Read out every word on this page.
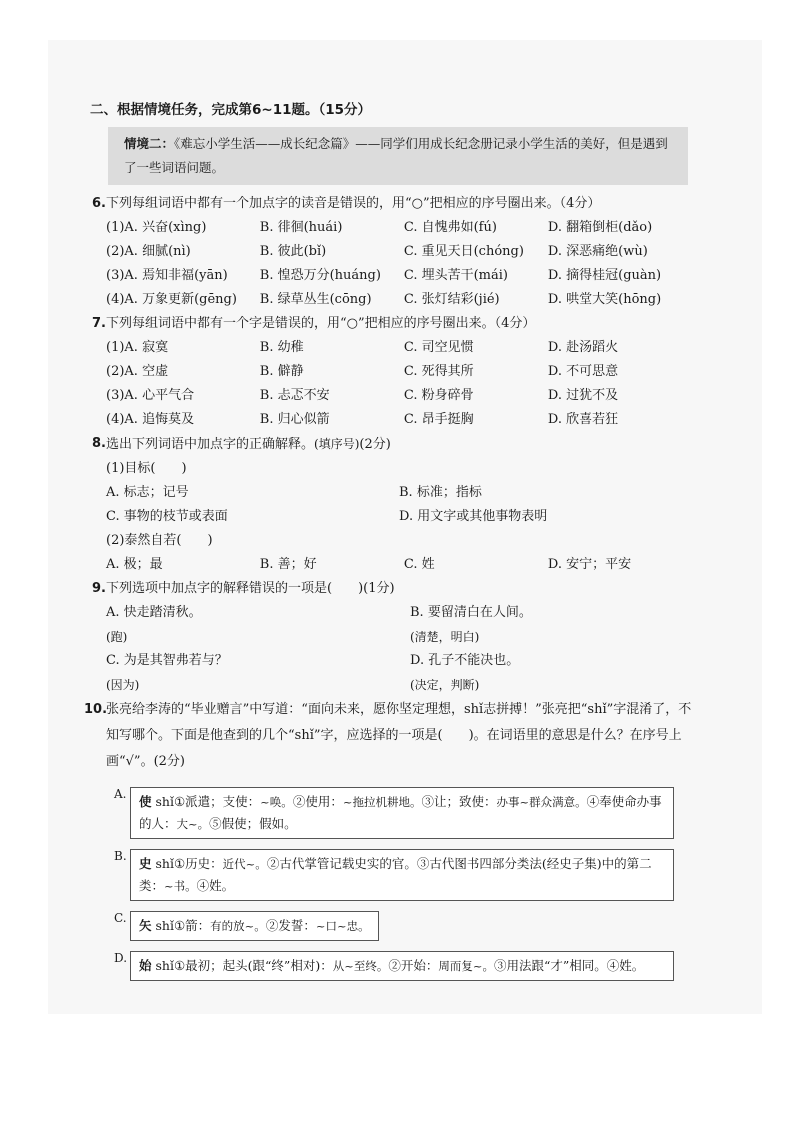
二、根据情境任务，完成第6~11题。（15分）
情境二：《难忘小学生活——成长纪念篇》——同学们用成长纪念册记录小学生活的美好，但是遇到了一些词语问题。
6. 下列每组词语中都有一个加点字的读音是错误的，用“○”把相应的序号圈出来。（4分）
(1)A. 兴奋(xìng)	B. 徘徊(huái)	C. 自愧弗如(fú)	D. 翻箱倒柜(dǎo)
(2)A. 细腻(nì)	B. 彼此(bǐ)	C. 重见天日(chóng)	D. 深恶痛绝(wù)
(3)A. 焉知非福(yān)	B. 惶恐万分(huáng)	C. 埋头苦干(mái)	D. 摘得桂冠(guàn)
(4)A. 万象更新(gēng)	B. 绿草丛生(cōng)	C. 张灯结彩(jié)	D. 哄堂大笑(hōng)
7. 下列每组词语中都有一个字是错误的，用“○”把相应的序号圈出来。（4分）
(1)A. 寂寞	B. 幼稚	C. 司空见惯	D. 赴汤蹈火
(2)A. 空虚	B. 僻静	C. 死得其所	D. 不可思意
(3)A. 心平气合	B. 忐忑不安	C. 粉身碎骨	D. 过犹不及
(4)A. 追悔莫及	B. 归心似箭	C. 昂手挺胸	D. 欣喜若狂
8. 选出下列词语中加点字的正确解释。(填序号)(2分)
(1)目标(　　)
A. 标志；记号	B. 标准；指标
C. 事物的枝节或表面	D. 用文字或其他事物表明
(2)泰然自若(　　)
A. 极；最	B. 善；好	C. 姓	D. 安宁；平安
9. 下列选项中加点字的解释错误的一项是(　　)(1分)
A. 快走踏清秋。
(跑)
B. 要留清白在人间。
(清楚，明白)
C. 为是其智弗若与？
(因为)
D. 孔子不能决也。
(决定，判断)
10.
张亮给李涛的“毕业赠言”中写道：“面向未来，愿你坚定理想，shǐ志拼搏！”张亮把“shǐ”字混淆了，不知写哪个。下面是他查到的几个“shǐ”字，应选择的一项是(　　)。在词语里的意思是什么？在序号上画“√”。(2分)
A.	使 shǐ①派遣；支使：~唤。②使用：~拖拉机耕地。③让；致使：办事~群众满意。④奉使命办事的人：大~。⑤假使；假如。
B. 史 shǐ①历史：近代~。②古代掌管记载史实的官。③古代图书四部分类法(经史子集)中的第二类：~书。④姓。
C. 矢 shǐ①箭：有的放~。②发誓：~口~忠。
D. 始 shǐ①最初；起头(跟“终”相对)：从~至终。②开始：周而复~。③用法跟“才”相同。④姓。
